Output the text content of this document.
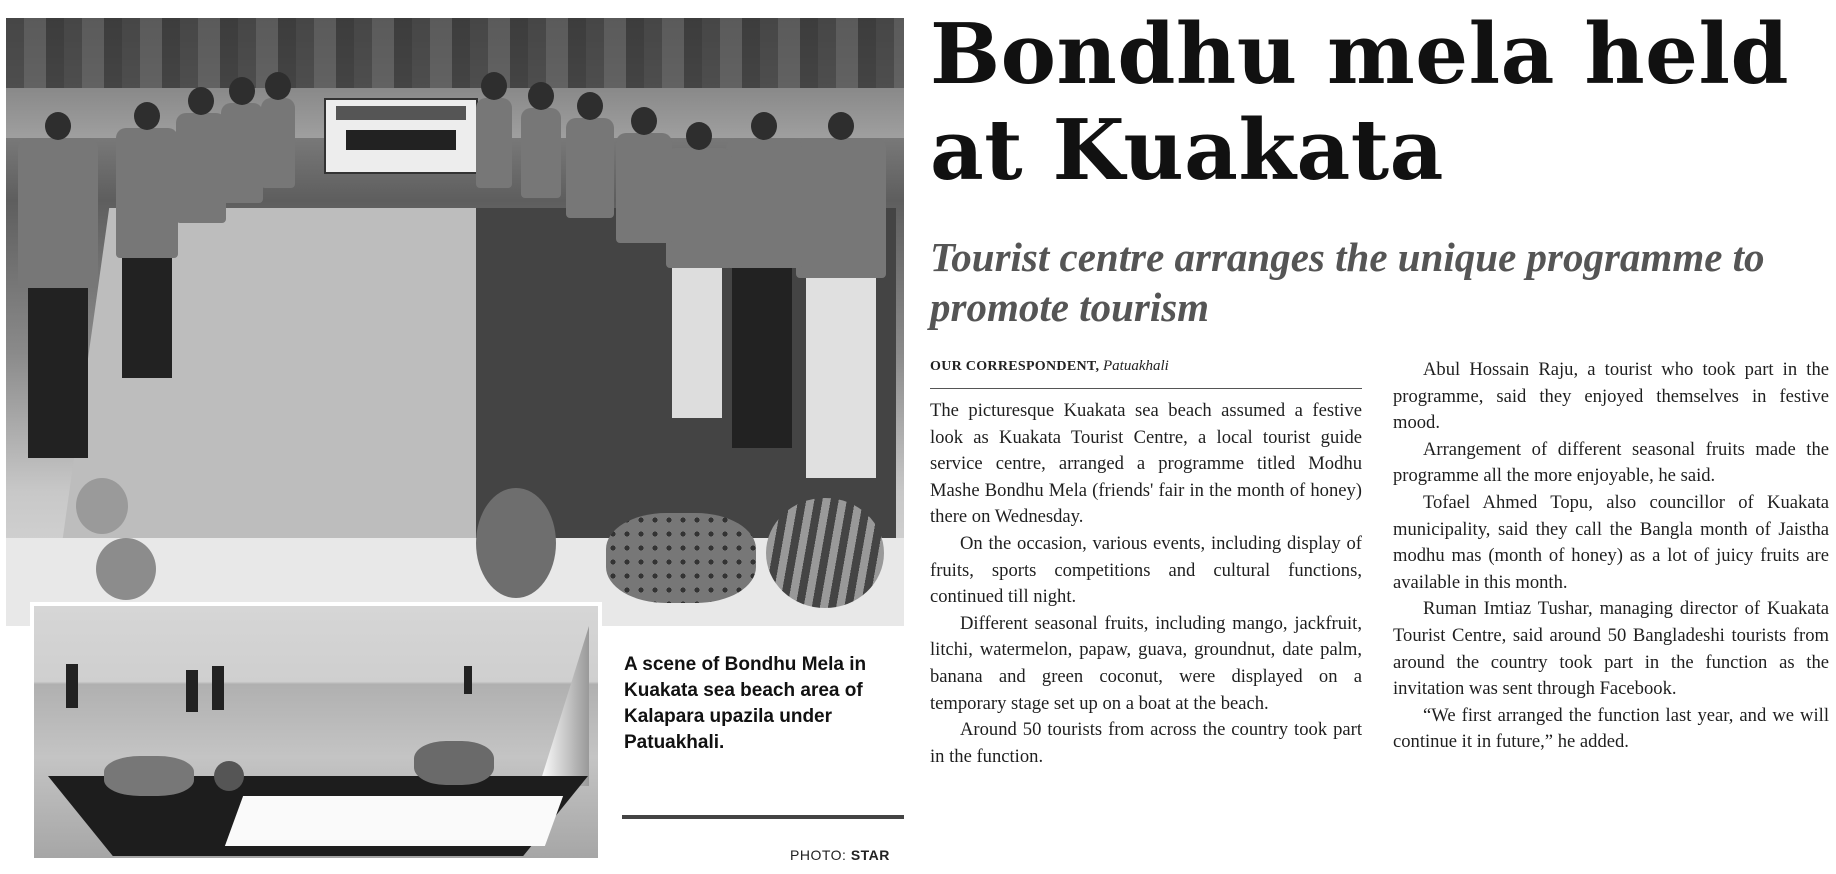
A scene of Bondhu Mela in Kuakata sea beach area of Kalapara upazila under Patuakhali.
PHOTO: STAR
Bondhu mela held at Kuakata
Tourist centre arranges the unique programme to promote tourism
OUR CORRESPONDENT, Patuakhali

The picturesque Kuakata sea beach assumed a festive look as Kuakata Tourist Centre, a local tourist guide service centre, arranged a programme titled Modhu Mashe Bondhu Mela (friends' fair in the month of honey) there on Wednesday.

On the occasion, various events, including display of fruits, sports competitions and cultural functions, continued till night.

Different seasonal fruits, including mango, jackfruit, litchi, watermelon, papaw, guava, groundnut, date palm, banana and green coconut, were displayed on a temporary stage set up on a boat at the beach.

Around 50 tourists from across the country took part in the function.

Abul Hossain Raju, a tourist who took part in the programme, said they enjoyed themselves in festive mood.

Arrangement of different seasonal fruits made the programme all the more enjoyable, he said.

Tofael Ahmed Topu, also councillor of Kuakata municipality, said they call the Bangla month of Jaistha modhu mas (month of honey) as a lot of juicy fruits are available in this month.

Ruman Imtiaz Tushar, managing director of Kuakata Tourist Centre, said around 50 Bangladeshi tourists from around the country took part in the function as the invitation was sent through Facebook.

“We first arranged the function last year, and we will continue it in future,” he added.
